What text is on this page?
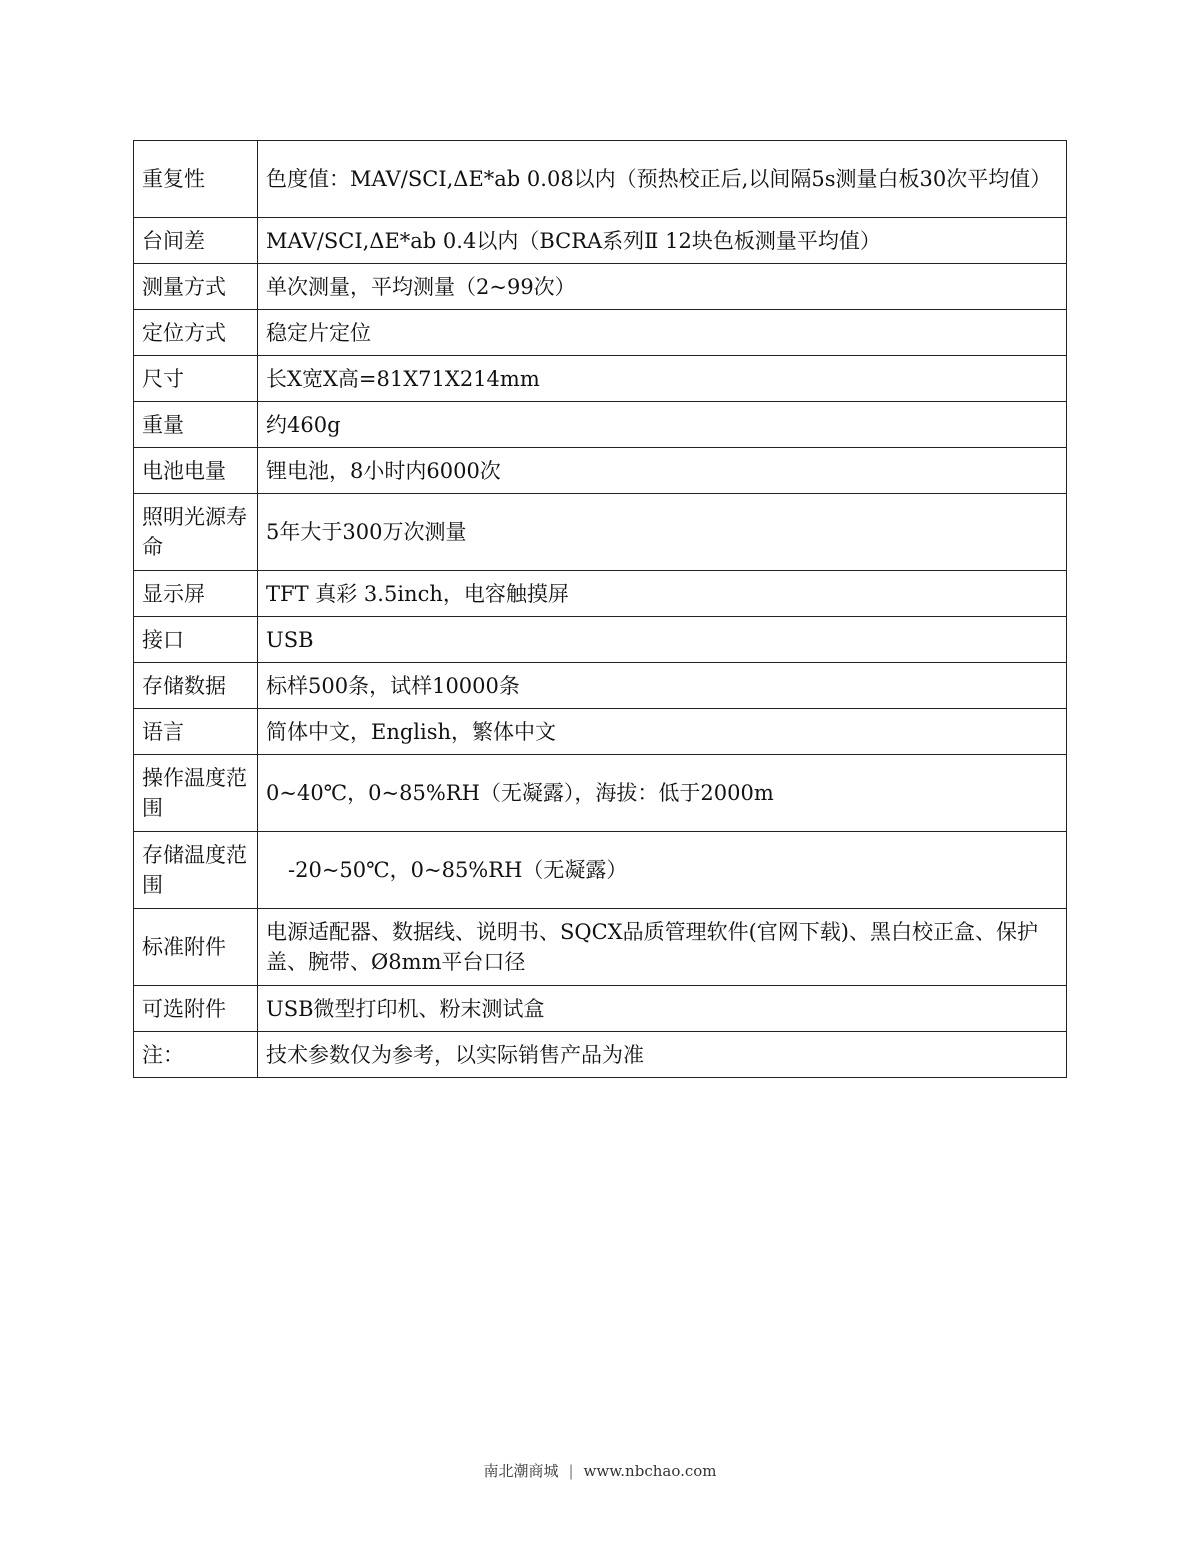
重复性	色度值：MAV/SCI,ΔE*ab 0.08以内（预热校正后,以间隔5s测量白板30次平均值）
台间差	MAV/SCI,ΔE*ab 0.4以内（BCRA系列Ⅱ 12块色板测量平均值）
测量方式	单次测量，平均测量（2~99次）
定位方式	稳定片定位
尺寸	长X宽X高=81X71X214mm
重量	约460g
电池电量	锂电池，8小时内6000次
照明光源寿命	5年大于300万次测量
显示屏	TFT 真彩 3.5inch，电容触摸屏
接口	USB
存储数据	标样500条，试样10000条
语言	简体中文，English，繁体中文
操作温度范围	0~40℃，0~85%RH（无凝露），海拔：低于2000m
存储温度范围	-20~50℃，0~85%RH（无凝露）
标准附件	电源适配器、数据线、说明书、SQCX品质管理软件(官网下载)、黑白校正盒、保护盖、腕带、Ø8mm平台口径
可选附件	USB微型打印机、粉末测试盒
注：	技术参数仅为参考，以实际销售产品为准
南北潮商城 | www.nbchao.com
